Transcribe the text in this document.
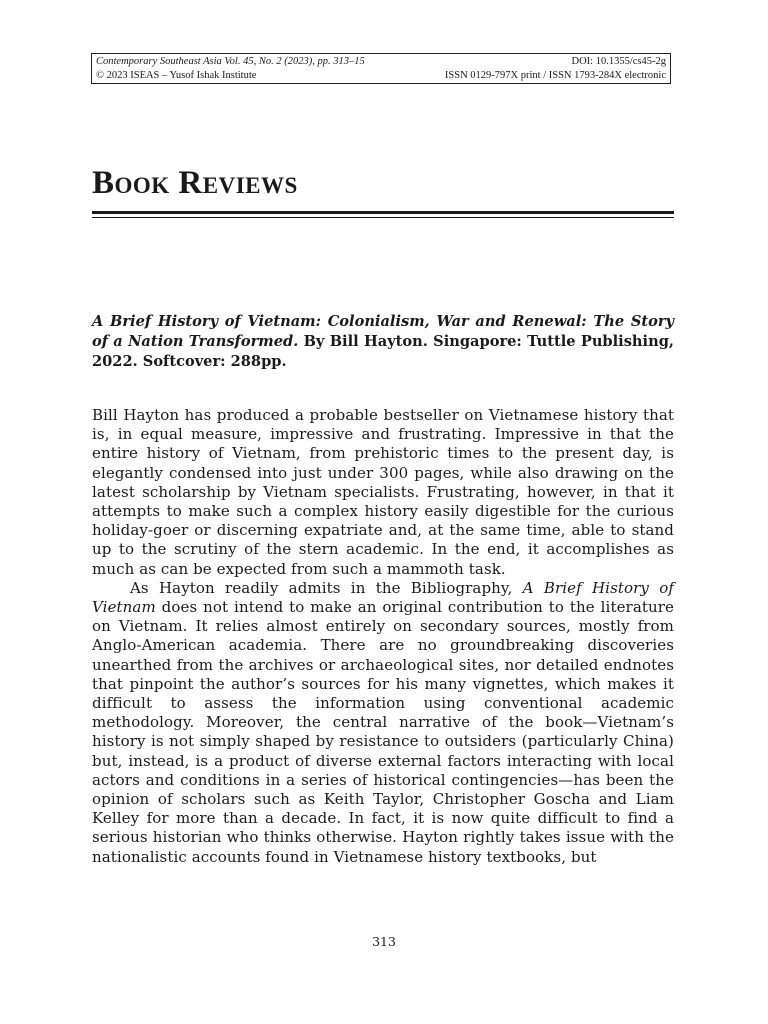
Contemporary Southeast Asia Vol. 45, No. 2 (2023), pp. 313–15	DOI: 10.1355/cs45-2g
© 2023 ISEAS – Yusof Ishak Institute	ISSN 0129-797X print / ISSN 1793-284X electronic
Book Reviews
A Brief History of Vietnam: Colonialism, War and Renewal: The Story of a Nation Transformed. By Bill Hayton. Singapore: Tuttle Publishing, 2022. Softcover: 288pp.

Bill Hayton has produced a probable bestseller on Vietnamese history that is, in equal measure, impressive and frustrating. Impressive in that the entire history of Vietnam, from prehistoric times to the present day, is elegantly condensed into just under 300 pages, while also drawing on the latest scholarship by Vietnam specialists. Frustrating, however, in that it attempts to make such a complex history easily digestible for the curious holiday-goer or discerning expatriate and, at the same time, able to stand up to the scrutiny of the stern academic. In the end, it accomplishes as much as can be expected from such a mammoth task.

As Hayton readily admits in the Bibliography, A Brief History of Vietnam does not intend to make an original contribution to the literature on Vietnam. It relies almost entirely on secondary sources, mostly from Anglo-American academia. There are no groundbreaking discoveries unearthed from the archives or archaeological sites, nor detailed endnotes that pinpoint the author’s sources for his many vignettes, which makes it difficult to assess the information using conventional academic methodology. Moreover, the central narrative of the book—Vietnam’s history is not simply shaped by resistance to outsiders (particularly China) but, instead, is a product of diverse external factors interacting with local actors and conditions in a series of historical contingencies—has been the opinion of scholars such as Keith Taylor, Christopher Goscha and Liam Kelley for more than a decade. In fact, it is now quite difficult to find a serious historian who thinks otherwise. Hayton rightly takes issue with the nationalistic accounts found in Vietnamese history textbooks, but

313
